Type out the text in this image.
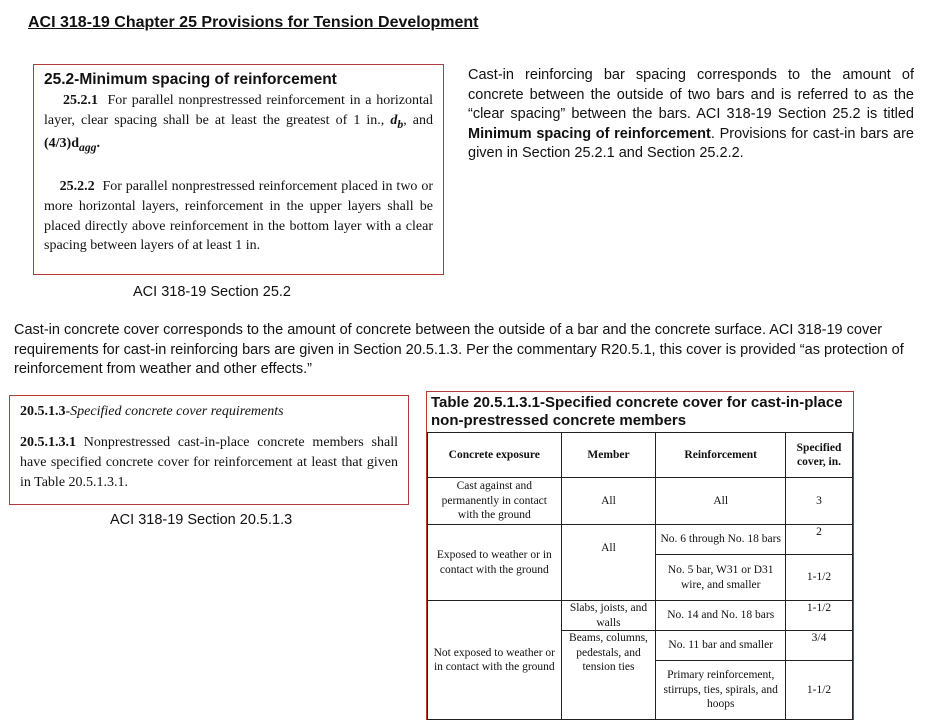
ACI 318-19 Chapter 25 Provisions for Tension Development
25.2-Minimum spacing of reinforcement

25.2.1 For parallel nonprestressed reinforcement in a horizontal layer, clear spacing shall be at least the greatest of 1 in., $d_b$, and $(4/3)d_{agg}$.

25.2.2 For parallel nonprestressed reinforcement placed in two or more horizontal layers, reinforcement in the upper layers shall be placed directly above reinforcement in the bottom layer with a clear spacing between layers of at least 1 in.

ACI 318-19 Section 25.2
Cast-in reinforcing bar spacing corresponds to the amount of concrete between the outside of two bars and is referred to as the “clear spacing” between the bars. ACI 318-19 Section 25.2 is titled Minimum spacing of reinforcement. Provisions for cast-in bars are given in Section 25.2.1 and Section 25.2.2.
Cast-in concrete cover corresponds to the amount of concrete between the outside of a bar and the concrete surface. ACI 318-19 cover requirements for cast-in reinforcing bars are given in Section 20.5.1.3. Per the commentary R20.5.1, this cover is provided “as protection of reinforcement from weather and other effects.”

20.5.1.3-Specified concrete cover requirements

20.5.1.3.1 Nonprestressed cast-in-place concrete members shall have specified concrete cover for reinforcement at least that given in Table 20.5.1.3.1.

ACI 318-19 Section 20.5.1.3
Table 20.5.1.3.1-Specified concrete cover for cast-in-place non-prestressed concrete members
Concrete exposure	Member	Reinforcement	Specified cover, in.
Cast against and permanently in contact with the ground	All	All	3
Exposed to weather or in contact with the ground	All	No. 6 through No. 18 bars	2
		No. 5 bar, W31 or D31 wire, and smaller	1-1/2
Not exposed to weather or in contact with the ground	Slabs, joists, and walls	No. 14 and No. 18 bars	1-1/2
	Beams, columns, pedestals, and tension ties	No. 11 bar and smaller	3/4
		Primary reinforcement, stirrups, ties, spirals, and hoops	1-1/2
